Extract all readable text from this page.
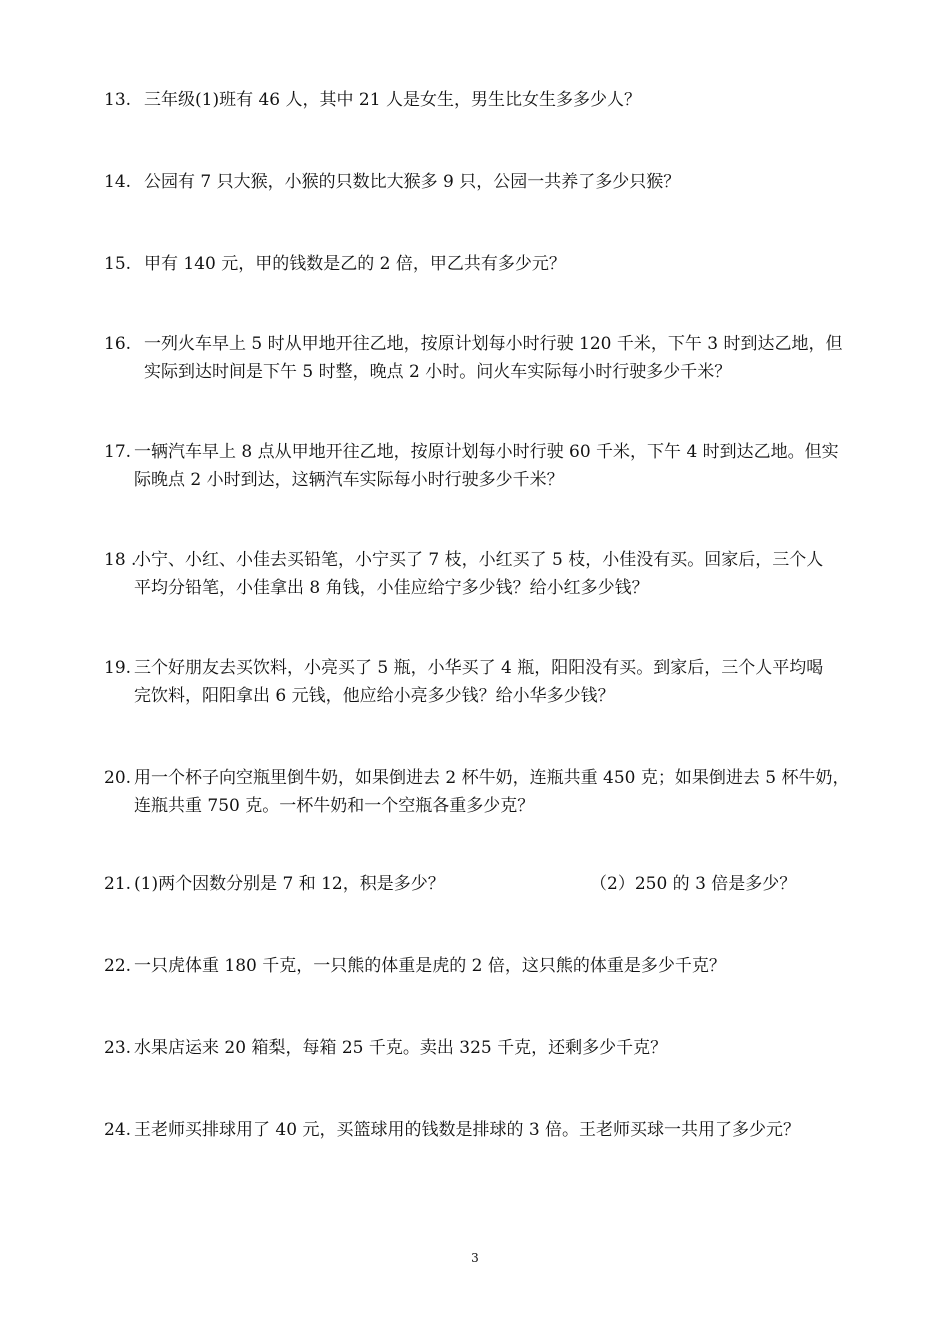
13. 三年级(1)班有 46 人，其中 21 人是女生，男生比女生多多少人？
14. 公园有 7 只大猴，小猴的只数比大猴多 9 只，公园一共养了多少只猴？
15. 甲有 140 元，甲的钱数是乙的 2 倍，甲乙共有多少元？
16. 一列火车早上 5 时从甲地开往乙地，按原计划每小时行驶 120 千米，下午 3 时到达乙地，但
实际到达时间是下午 5 时整，晚点 2 小时。问火车实际每小时行驶多少千米？
17. 一辆汽车早上 8 点从甲地开往乙地，按原计划每小时行驶 60 千米，下午 4 时到达乙地。但实
际晚点 2 小时到达，这辆汽车实际每小时行驶多少千米？
18 .小宁、小红、小佳去买铅笔，小宁买了 7 枝，小红买了 5 枝，小佳没有买。回家后，三个人
平均分铅笔，小佳拿出 8 角钱，小佳应给宁多少钱？给小红多少钱？
19. 三个好朋友去买饮料，小亮买了 5 瓶，小华买了 4 瓶，阳阳没有买。到家后，三个人平均喝
完饮料，阳阳拿出 6 元钱，他应给小亮多少钱？给小华多少钱？
20. 用一个杯子向空瓶里倒牛奶，如果倒进去 2 杯牛奶，连瓶共重 450 克；如果倒进去 5 杯牛奶，
连瓶共重 750 克。一杯牛奶和一个空瓶各重多少克？
21. (1)两个因数分别是 7 和 12，积是多少？	（2）250 的 3 倍是多少？
22. 一只虎体重 180 千克，一只熊的体重是虎的 2 倍，这只熊的体重是多少千克？
23. 水果店运来 20 箱梨，每箱 25 千克。卖出 325 千克，还剩多少千克？
24. 王老师买排球用了 40 元，买篮球用的钱数是排球的 3 倍。王老师买球一共用了多少元？
3
